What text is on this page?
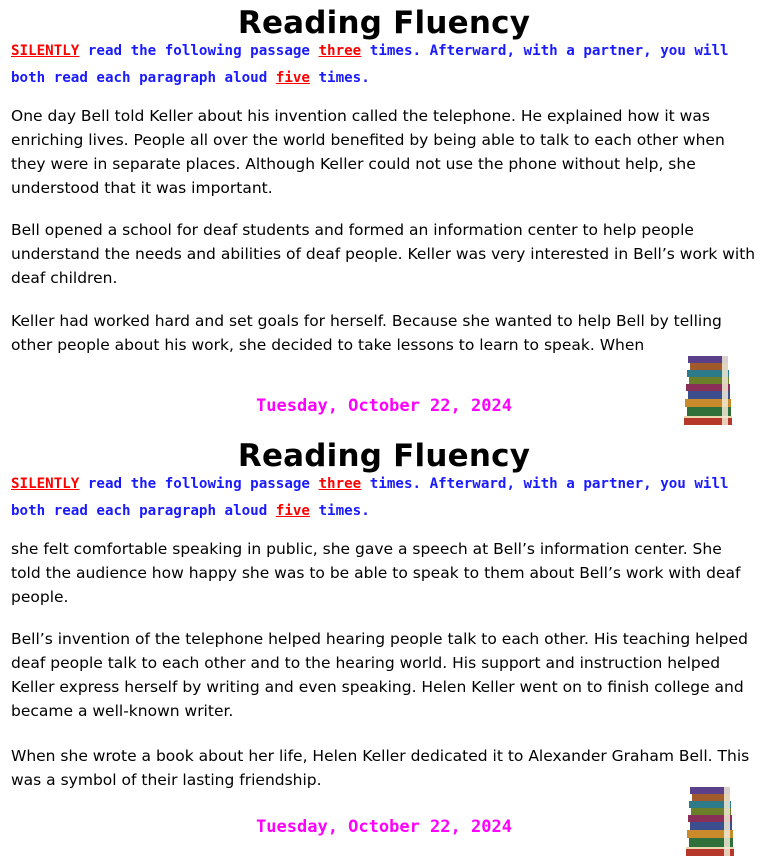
Reading Fluency
SILENTLY read the following passage three times. Afterward, with a partner, you will both read each paragraph aloud five times.

One day Bell told Keller about his invention called the telephone. He explained how it was enriching lives. People all over the world benefited by being able to talk to each other when they were in separate places. Although Keller could not use the phone without help, she understood that it was important.

Bell opened a school for deaf students and formed an information center to help people understand the needs and abilities of deaf people. Keller was very interested in Bell’s work with deaf children.

Keller had worked hard and set goals for herself. Because she wanted to help Bell by telling other people about his work, she decided to take lessons to learn to speak. When

Tuesday, October 22, 2024
Reading Fluency
SILENTLY read the following passage three times. Afterward, with a partner, you will both read each paragraph aloud five times.

she felt comfortable speaking in public, she gave a speech at Bell’s information center. She told the audience how happy she was to be able to speak to them about Bell’s work with deaf people.

Bell’s invention of the telephone helped hearing people talk to each other. His teaching helped deaf people talk to each other and to the hearing world. His support and instruction helped Keller express herself by writing and even speaking. Helen Keller went on to finish college and became a well-known writer.

When she wrote a book about her life, Helen Keller dedicated it to Alexander Graham Bell. This was a symbol of their lasting friendship.

Tuesday, October 22, 2024
